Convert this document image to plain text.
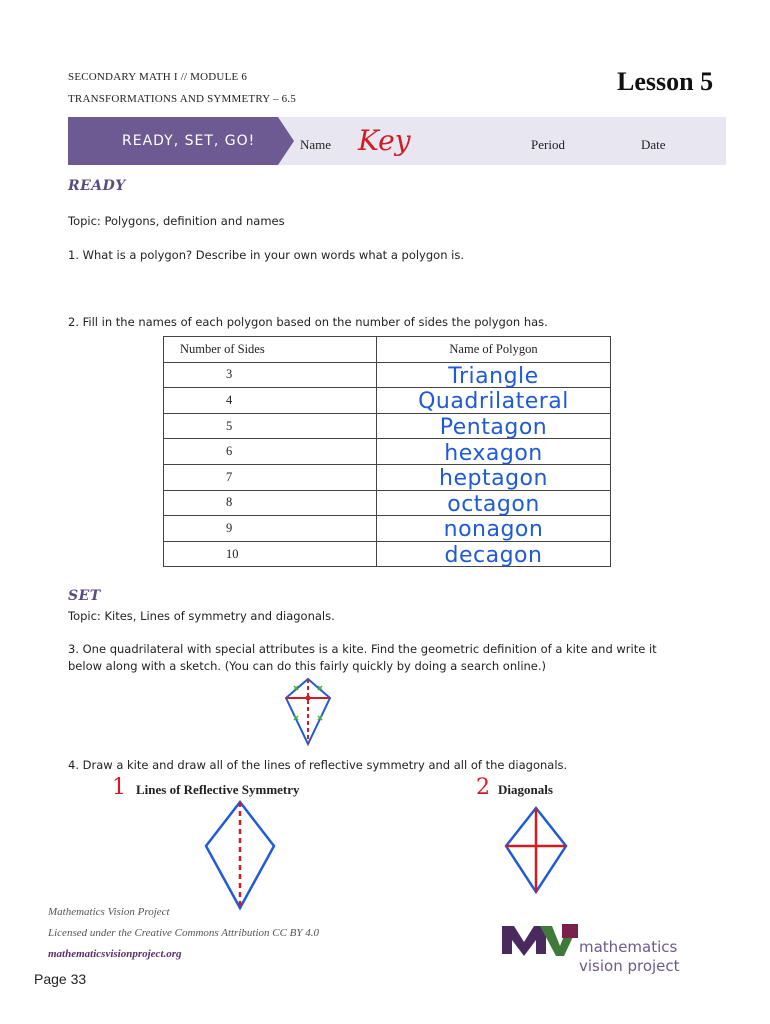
SECONDARY MATH I // MODULE 6
TRANSFORMATIONS AND SYMMETRY – 6.5
Lesson 5
READY, SET, GO!	Name Key	Period	Date
READY
Topic: Polygons, definition and names
1. What is a polygon? Describe in your own words what a polygon is.
2. Fill in the names of each polygon based on the number of sides the polygon has.
Number of Sides	Name of Polygon
3	Triangle
4	Quadrilateral
5	Pentagon
6	hexagon
7	heptagon
8	octagon
9	nonagon
10	decagon
SET
Topic: Kites, Lines of symmetry and diagonals.
3. One quadrilateral with special attributes is a kite. Find the geometric definition of a kite and write it
below along with a sketch. (You can do this fairly quickly by doing a search online.)
4. Draw a kite and draw all of the lines of reflective symmetry and all of the diagonals.
1 Lines of Reflective Symmetry	2 Diagonals
Mathematics Vision Project
Licensed under the Creative Commons Attribution CC BY 4.0
mathematicsvisionproject.org
Page 33
mathematics
vision project
